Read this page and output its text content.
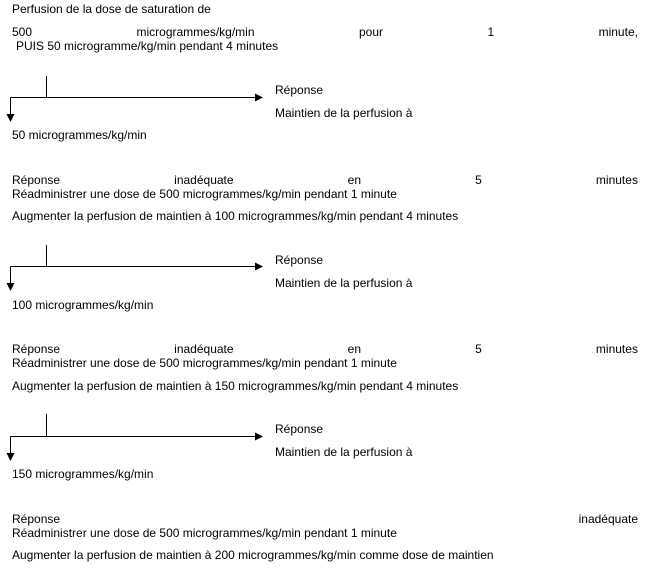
Perfusion de la dose de saturation de
500	microgrammes/kg/min	pour	1	minute,
PUIS 50 microgramme/kg/min pendant 4 minutes
Réponse
Maintien de la perfusion à
50 microgrammes/kg/min
Réponse	inadéquate	en	5	minutes
Réadministrer une dose de 500 microgrammes/kg/min pendant 1 minute
Augmenter la perfusion de maintien à 100 microgrammes/kg/min pendant 4 minutes
Réponse
Maintien de la perfusion à
100 microgrammes/kg/min
Réponse	inadéquate	en	5	minutes
Réadministrer une dose de 500 microgrammes/kg/min pendant 1 minute
Augmenter la perfusion de maintien à 150 microgrammes/kg/min pendant 4 minutes
Réponse
Maintien de la perfusion à
150 microgrammes/kg/min
Réponse	inadéquate
Réadministrer une dose de 500 microgrammes/kg/min pendant 1 minute
Augmenter la perfusion de maintien à 200 microgrammes/kg/min comme dose de maintien
